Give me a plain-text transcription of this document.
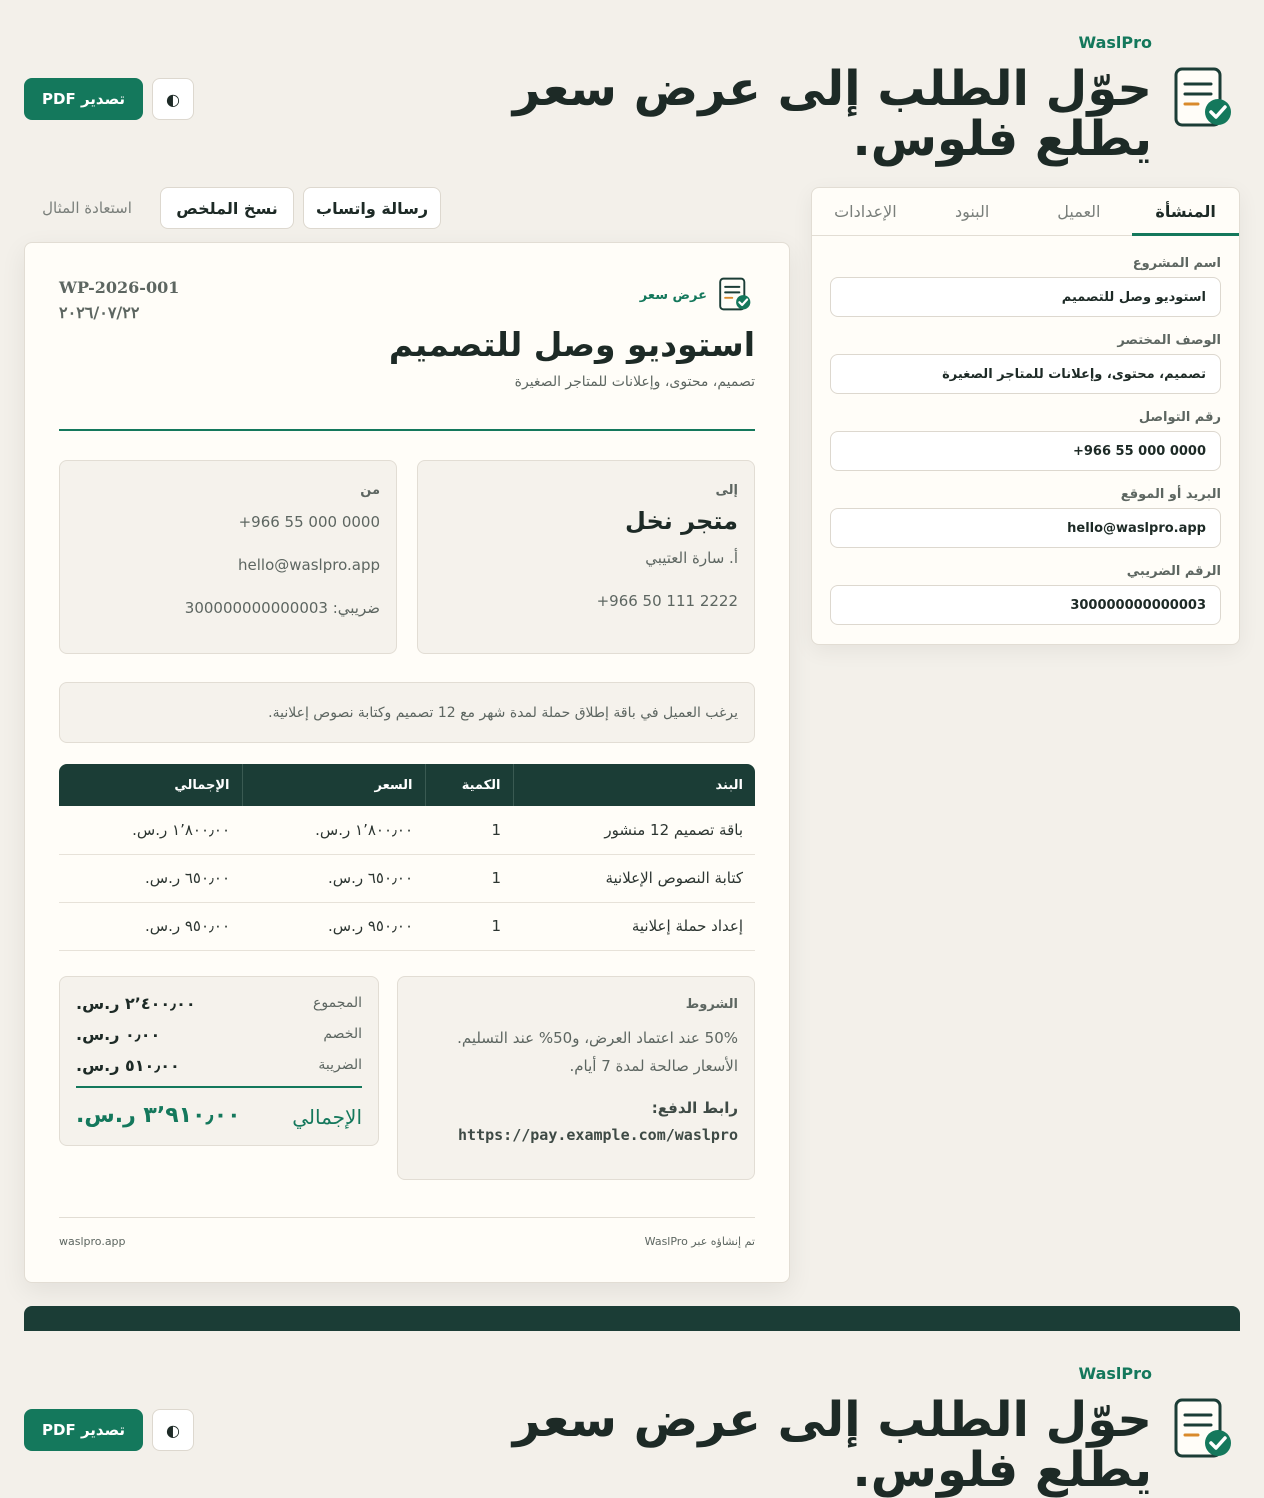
WaslPro
حوّل الطلب إلى عرض سعر
يطلع فلوس.
◐
تصدير PDF
رسالة واتساب
نسخ الملخص
استعادة المثال	المنشأة
العميل
البنود
الإعدادات
اسم المشروع
استوديو وصل للتصميم
الوصف المختصر
تصميم، محتوى، وإعلانات للمتاجر الصغيرة
رقم التواصل
+966 55 000 0000
البريد أو الموقع
hello@waslpro.app
الرقم الضريبي
300000000000003
عرض سعر
WP-2026-001
٢٠٢٦/٠٧/٢٢
استوديو وصل للتصميم
تصميم، محتوى، وإعلانات للمتاجر الصغيرة
إلى
متجر نخل
أ. سارة العتيبي
+966 50 111 2222
من
+966 55 000 0000
hello@waslpro.app
ضريبي: 300000000000003
يرغب العميل في باقة إطلاق حملة لمدة شهر مع 12 تصميم وكتابة نصوص إعلانية.
البند	الكمية	السعر	الإجمالي
باقة تصميم 12 منشور	1	١٬٨٠٠٫٠٠ ر.س.	١٬٨٠٠٫٠٠ ر.س.
كتابة النصوص الإعلانية	1	٦٥٠٫٠٠ ر.س.	٦٥٠٫٠٠ ر.س.
إعداد حملة إعلانية	1	٩٥٠٫٠٠ ر.س.	٩٥٠٫٠٠ ر.س.
الشروط
50% عند اعتماد العرض، و50% عند التسليم.
الأسعار صالحة لمدة 7 أيام.
رابط الدفع:
https://pay.example.com/waslpro
المجموع
٢٬٤٠٠٫٠٠ ر.س.
الخصم
٠٫٠٠ ر.س.
الضريبة
٥١٠٫٠٠ ر.س.
الإجمالي
٣٬٩١٠٫٠٠ ر.س.
تم إنشاؤه عبر WaslPro
waslpro.app
WaslPro
حوّل الطلب إلى عرض سعر
يطلع فلوس.
◐
تصدير PDF
